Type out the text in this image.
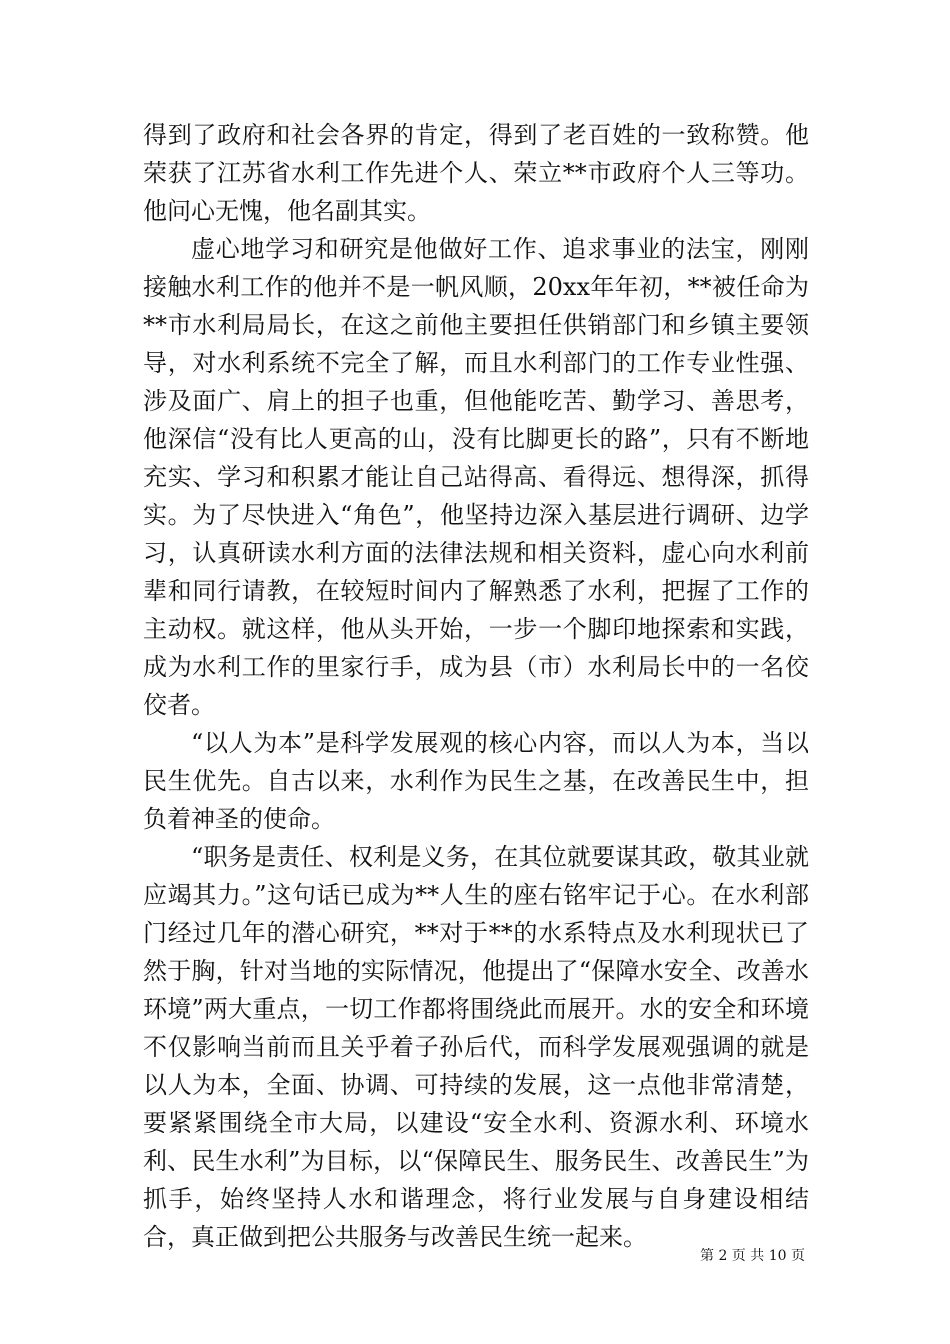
得到了政府和社会各界的肯定，得到了老百姓的一致称赞。他荣获了江苏省水利工作先进个人、荣立**市政府个人三等功。他问心无愧，他名副其实。

虚心地学习和研究是他做好工作、追求事业的法宝，刚刚接触水利工作的他并不是一帆风顺，20xx年年初，**被任命为**市水利局局长，在这之前他主要担任供销部门和乡镇主要领导，对水利系统不完全了解，而且水利部门的工作专业性强、涉及面广、肩上的担子也重，但他能吃苦、勤学习、善思考，他深信“没有比人更高的山，没有比脚更长的路”，只有不断地充实、学习和积累才能让自己站得高、看得远、想得深，抓得实。为了尽快进入“角色”，他坚持边深入基层进行调研、边学习，认真研读水利方面的法律法规和相关资料，虚心向水利前辈和同行请教，在较短时间内了解熟悉了水利，把握了工作的主动权。就这样，他从头开始，一步一个脚印地探索和实践，成为水利工作的里家行手，成为县（市）水利局长中的一名佼佼者。

“以人为本”是科学发展观的核心内容，而以人为本，当以民生优先。自古以来，水利作为民生之基，在改善民生中，担负着神圣的使命。

“职务是责任、权利是义务，在其位就要谋其政，敬其业就应竭其力。”这句话已成为**人生的座右铭牢记于心。在水利部门经过几年的潜心研究，**对于**的水系特点及水利现状已了然于胸，针对当地的实际情况，他提出了“保障水安全、改善水环境”两大重点，一切工作都将围绕此而展开。水的安全和环境不仅影响当前而且关乎着子孙后代，而科学发展观强调的就是以人为本，全面、协调、可持续的发展，这一点他非常清楚，要紧紧围绕全市大局，以建设“安全水利、资源水利、环境水利、民生水利”为目标，以“保障民生、服务民生、改善民生”为抓手，始终坚持人水和谐理念，将行业发展与自身建设相结合，真正做到把公共服务与改善民生统一起来。

第 2 页 共 10 页
